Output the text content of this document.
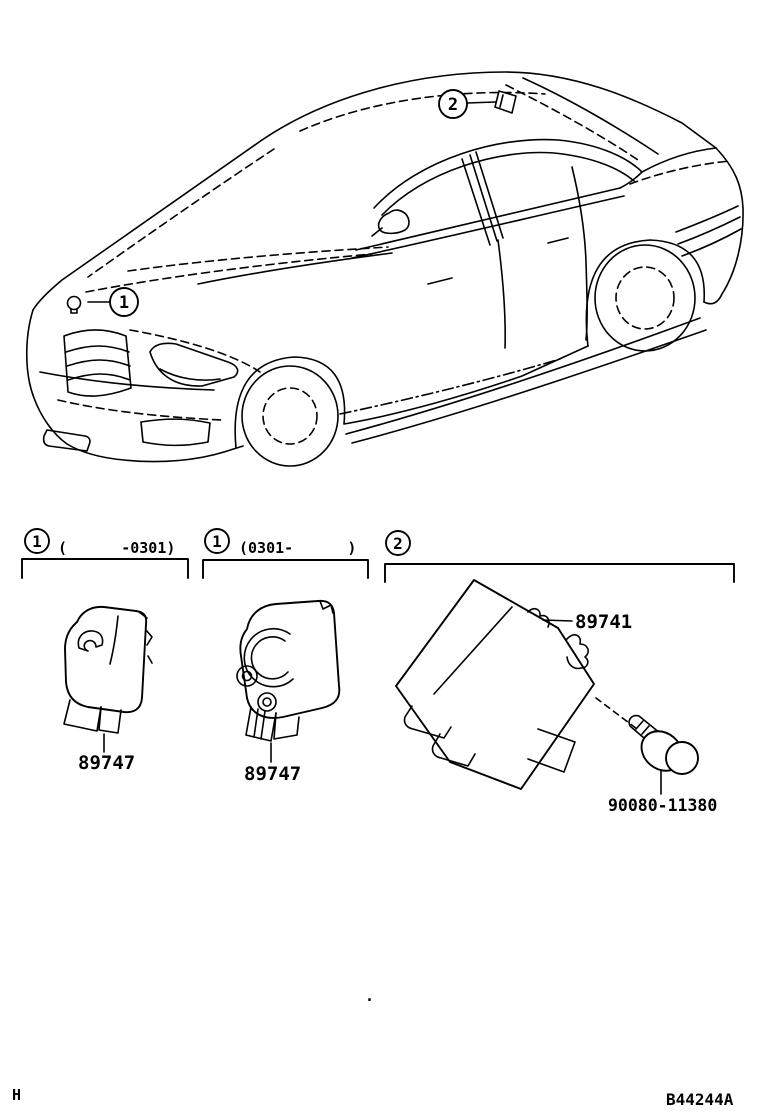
1
2
1 (      -0301) 1 (0301-      ) 2
89747	89747
89741
90080-11380
.
H	B44244A
